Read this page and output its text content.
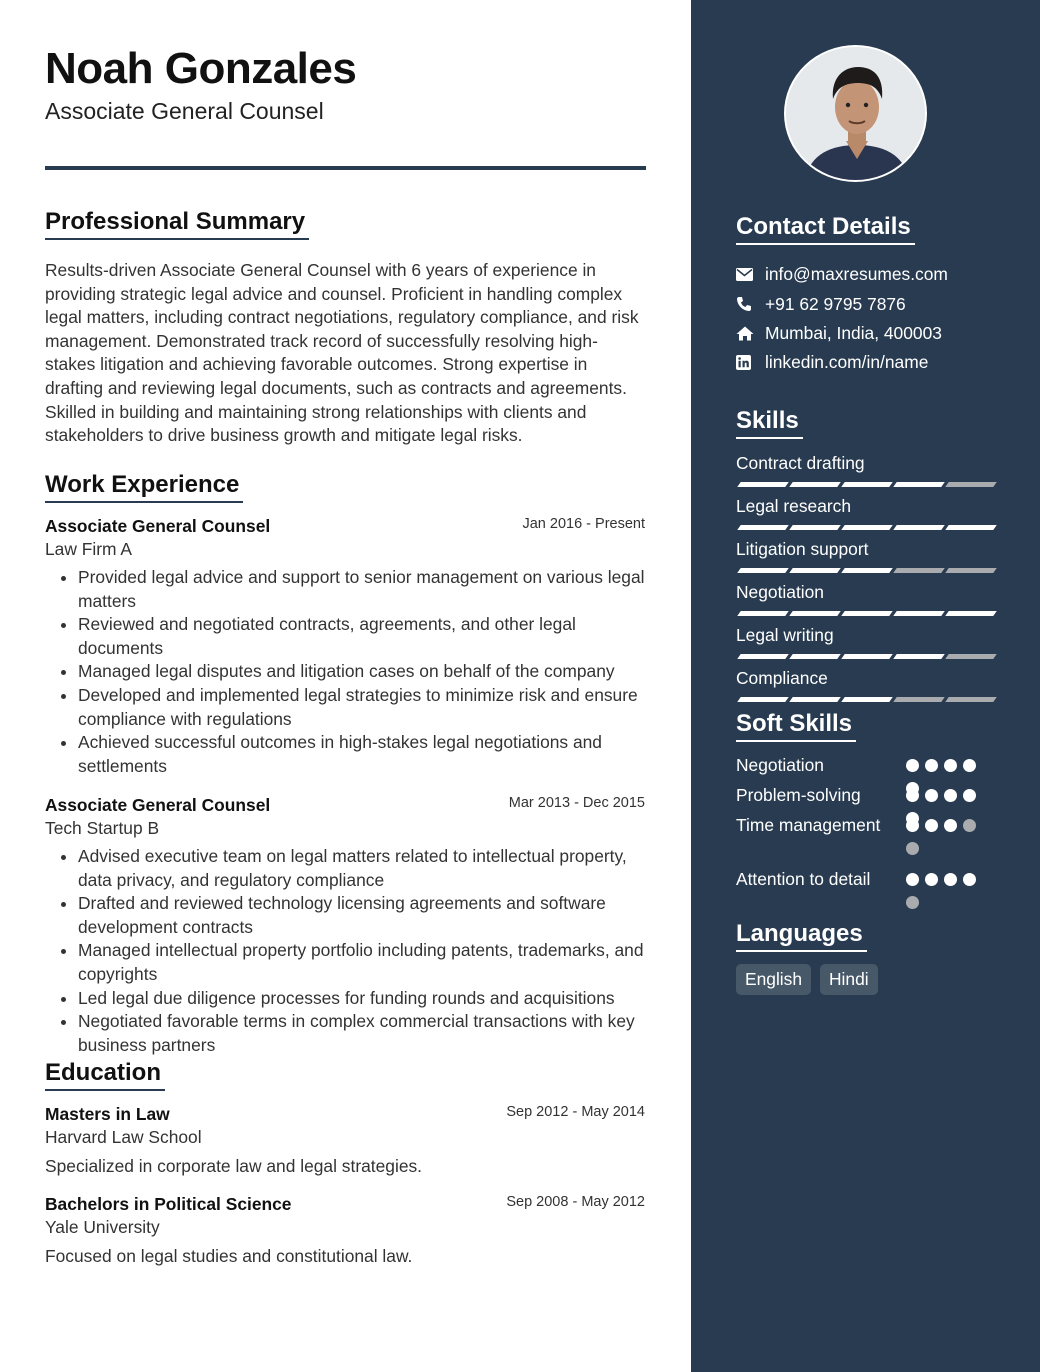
Noah Gonzales
Associate General Counsel
Professional Summary
Results-driven Associate General Counsel with 6 years of experience in providing strategic legal advice and counsel. Proficient in handling complex legal matters, including contract negotiations, regulatory compliance, and risk management. Demonstrated track record of successfully resolving high-stakes litigation and achieving favorable outcomes. Strong expertise in drafting and reviewing legal documents, such as contracts and agreements. Skilled in building and maintaining strong relationships with clients and stakeholders to drive business growth and mitigate legal risks.
Work Experience
Associate General Counsel	Jan 2016 - Present
Law Firm A
• Provided legal advice and support to senior management on various legal matters
• Reviewed and negotiated contracts, agreements, and other legal documents
• Managed legal disputes and litigation cases on behalf of the company
• Developed and implemented legal strategies to minimize risk and ensure compliance with regulations
• Achieved successful outcomes in high-stakes legal negotiations and settlements
Associate General Counsel	Mar 2013 - Dec 2015
Tech Startup B
• Advised executive team on legal matters related to intellectual property, data privacy, and regulatory compliance
• Drafted and reviewed technology licensing agreements and software development contracts
• Managed intellectual property portfolio including patents, trademarks, and copyrights
• Led legal due diligence processes for funding rounds and acquisitions
• Negotiated favorable terms in complex commercial transactions with key business partners
Education
Masters in Law	Sep 2012 - May 2014
Harvard Law School
Specialized in corporate law and legal strategies.
Bachelors in Political Science	Sep 2008 - May 2012
Yale University
Focused on legal studies and constitutional law.
Contact Details
info@maxresumes.com
+91 62 9795 7876
Mumbai, India, 400003
linkedin.com/in/name
Skills
Contract drafting
Legal research
Litigation support
Negotiation
Legal writing
Compliance
Soft Skills
Negotiation
Problem-solving
Time management
Attention to detail
Languages
English	Hindi
